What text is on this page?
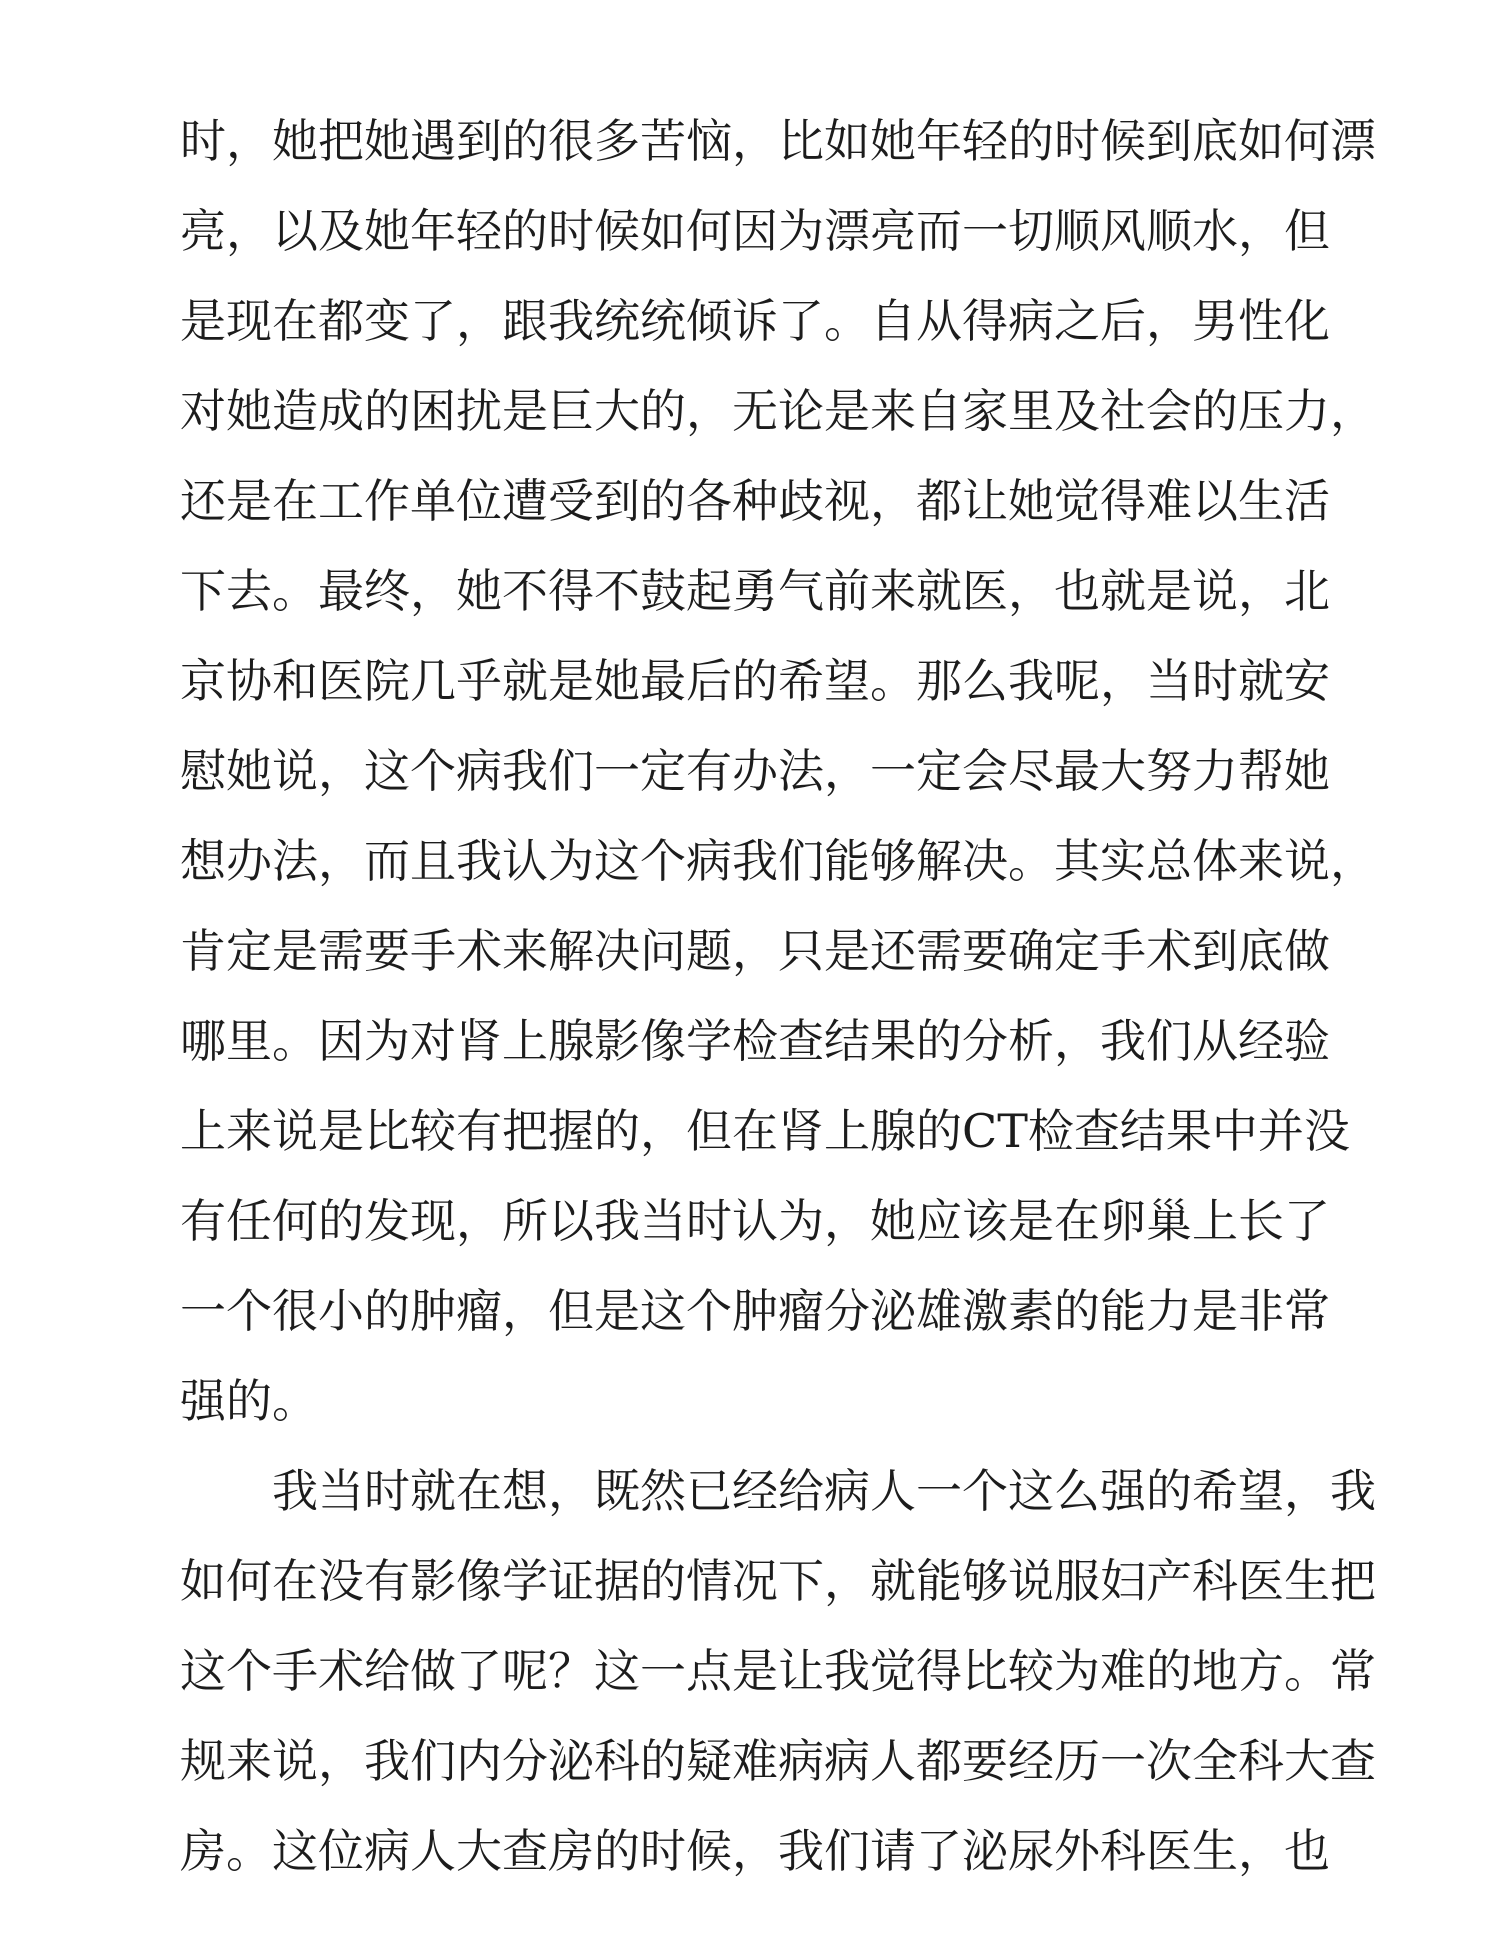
时，她把她遇到的很多苦恼，比如她年轻的时候到底如何漂
亮，以及她年轻的时候如何因为漂亮而一切顺风顺水，但
是现在都变了，跟我统统倾诉了。自从得病之后，男性化
对她造成的困扰是巨大的，无论是来自家里及社会的压力，
还是在工作单位遭受到的各种歧视，都让她觉得难以生活
下去。最终，她不得不鼓起勇气前来就医，也就是说，北
京协和医院几乎就是她最后的希望。那么我呢，当时就安
慰她说，这个病我们一定有办法，一定会尽最大努力帮她
想办法，而且我认为这个病我们能够解决。其实总体来说，
肯定是需要手术来解决问题，只是还需要确定手术到底做
哪里。因为对肾上腺影像学检查结果的分析，我们从经验
上来说是比较有把握的，但在肾上腺的CT检查结果中并没
有任何的发现，所以我当时认为，她应该是在卵巢上长了
一个很小的肿瘤，但是这个肿瘤分泌雄激素的能力是非常
强的。
我当时就在想，既然已经给病人一个这么强的希望，我
如何在没有影像学证据的情况下，就能够说服妇产科医生把
这个手术给做了呢？这一点是让我觉得比较为难的地方。常
规来说，我们内分泌科的疑难病病人都要经历一次全科大查
房。这位病人大查房的时候，我们请了泌尿外科医生，也
